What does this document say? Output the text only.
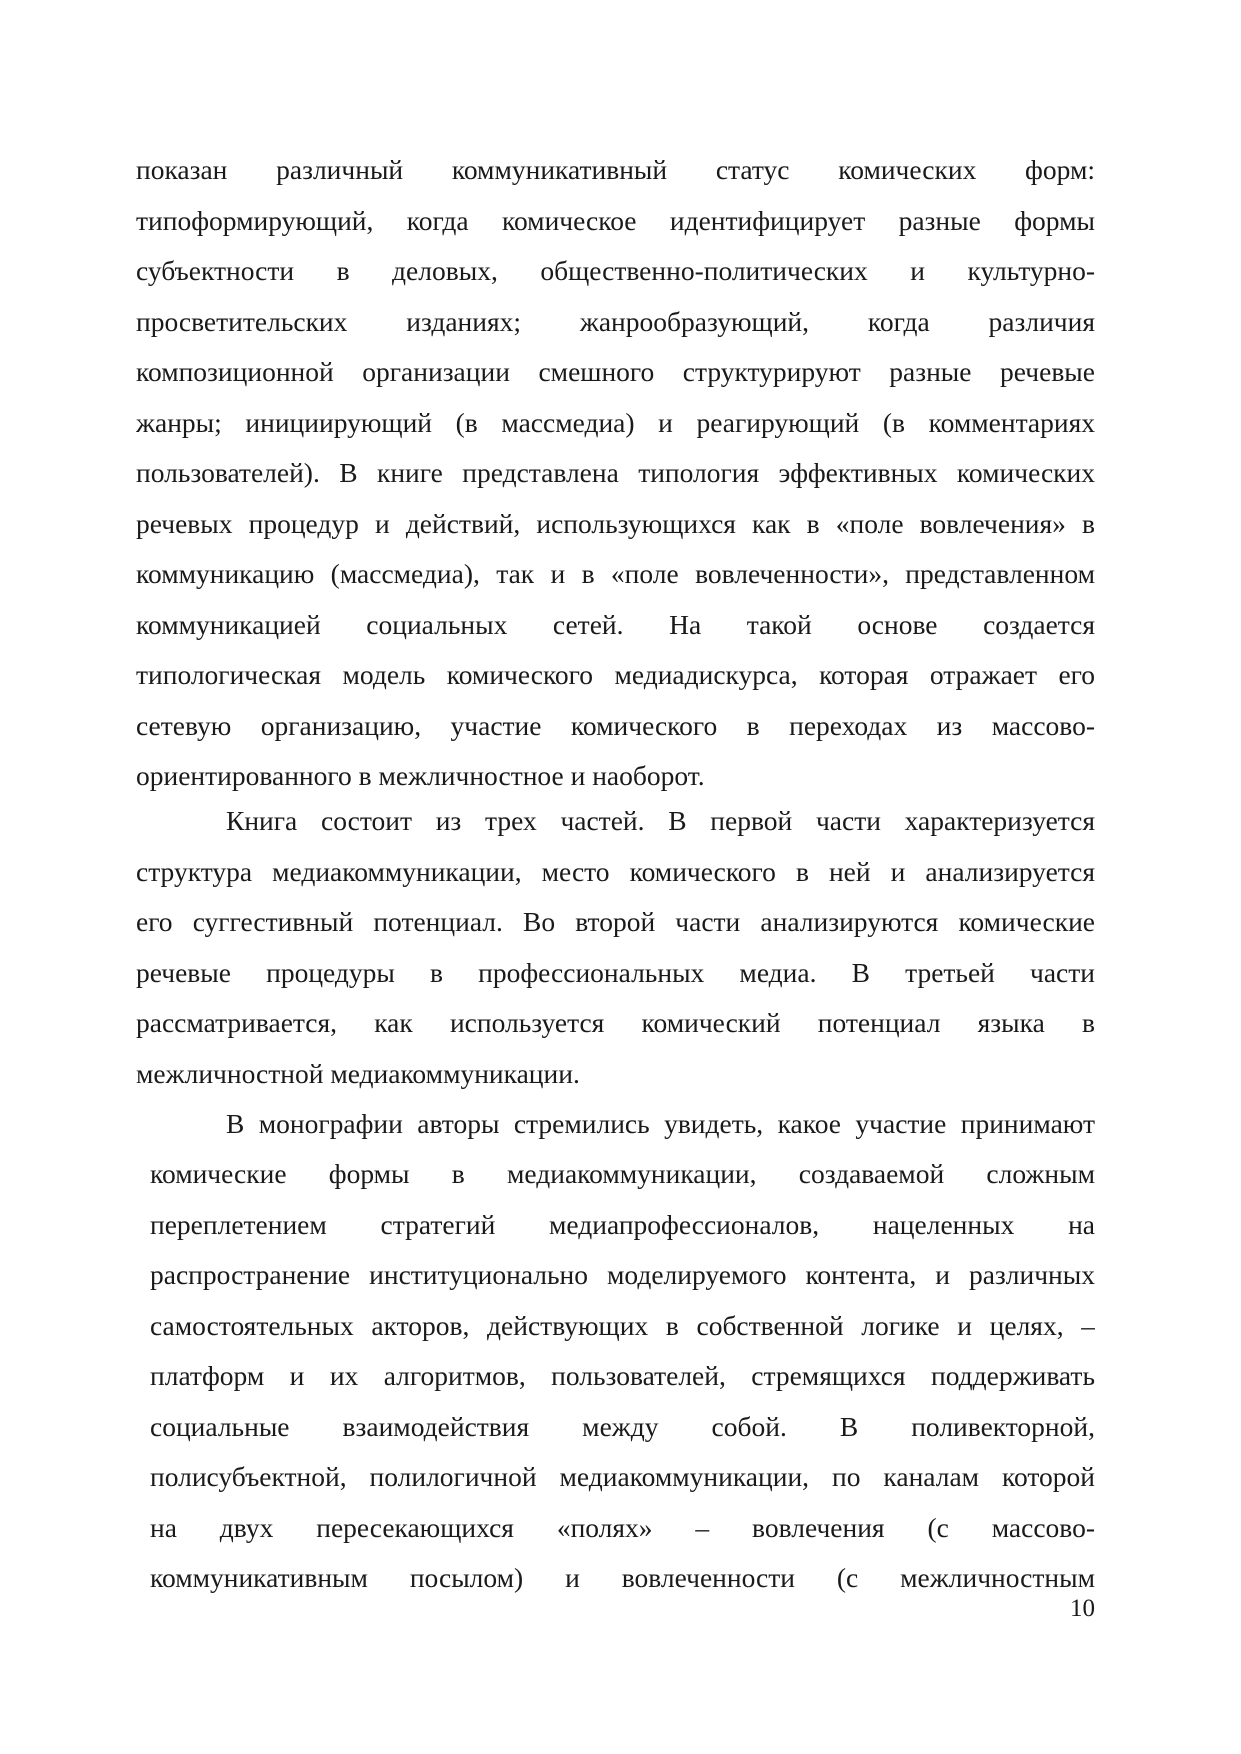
показан различный коммуникативный статус комических форм:
типоформирующий, когда комическое идентифицирует разные формы
субъектности в деловых, общественно-политических и культурно-
просветительских изданиях; жанрообразующий, когда различия
композиционной организации смешного структурируют разные речевые
жанры; инициирующий (в массмедиа) и реагирующий (в комментариях
пользователей). В книге представлена типология эффективных комических
речевых процедур и действий, использующихся как в «поле вовлечения» в
коммуникацию (массмедиа), так и в «поле вовлеченности», представленном
коммуникацией социальных сетей. На такой основе создается
типологическая модель комического медиадискурса, которая отражает его
сетевую организацию, участие комического в переходах из массово-
ориентированного в межличностное и наоборот.
Книга состоит из трех частей. В первой части характеризуется
структура медиакоммуникации, место комического в ней и анализируется
его суггестивный потенциал. Во второй части анализируются комические
речевые процедуры в профессиональных медиа. В третьей части
рассматривается, как используется комический потенциал языка в
межличностной медиакоммуникации.
В монографии авторы стремились увидеть, какое участие принимают
комические формы в медиакоммуникации, создаваемой сложным
переплетением стратегий медиапрофессионалов, нацеленных на
распространение институционально моделируемого контента, и различных
самостоятельных акторов, действующих в собственной логике и целях, –
платформ и их алгоритмов, пользователей, стремящихся поддерживать
социальные взаимодействия между собой. В поливекторной,
полисубъектной, полилогичной медиакоммуникации, по каналам которой
на двух пересекающихся «полях» – вовлечения (с массово-
коммуникативным посылом) и вовлеченности (с межличностным
10
